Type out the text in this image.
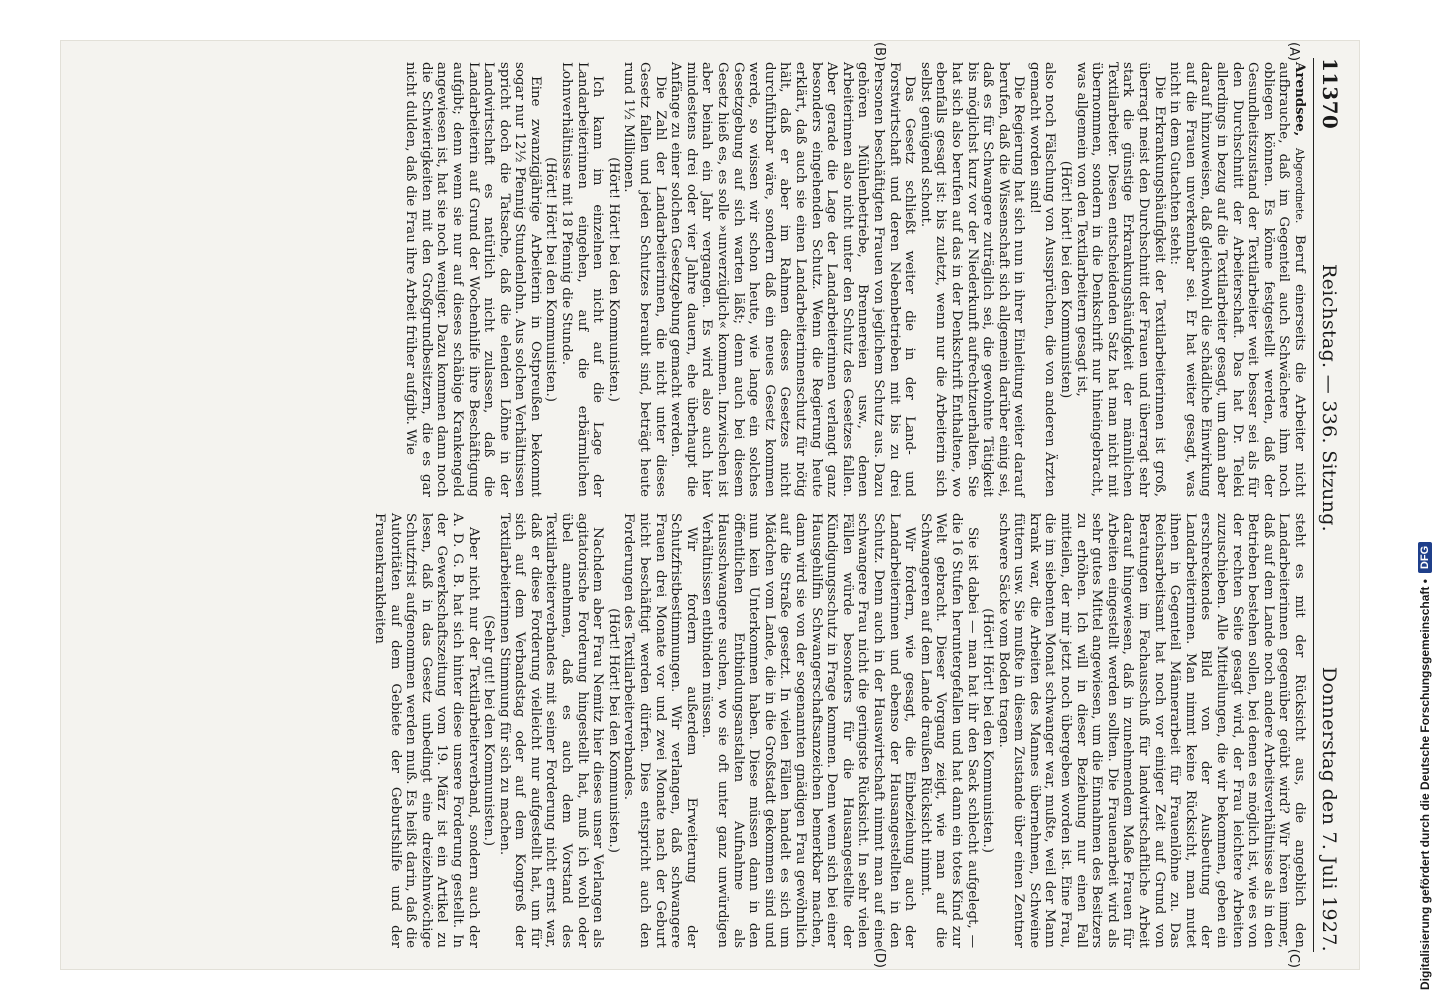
11370
Reichstag. — 336. Sitzung.
Donnerstag den 7. Juli 1927.
(A)
(B)

Arendsee, Abgeordnete. Beruf einerseits die Arbeiter nicht aufbrauche, daß im Gegenteil auch Schwächere ihm noch obliegen können. Es könne festgestellt werden, daß der Gesundheitszustand der Textilarbeiter weit besser sei als für den Durchschnitt der Arbeiterschaft. Das hat Dr. Teleki allerdings in bezug auf die Textilarbeiter gesagt, um dann aber darauf hinzuweisen, daß gleichwohl die schädliche Einwirkung auf die Frauen unverkennbar sei. Er hat weiter gesagt, was nicht in dem Gutachten steht:

Die Erkrankungshäufigkeit der Textilarbeiterinnen ist groß, überragt meist den Durchschnitt der Frauen und überragt sehr stark die günstige Erkrankungshäufigkeit der männlichen Textilarbeiter. Diesen entscheidenden Satz hat man nicht mit übernommen, sondern in die Denkschrift nur hineingebracht, was allgemein von den Textilarbeitern gesagt ist,

(Hört! hört! bei den Kommunisten)

also noch Fälschung von Aussprüchen, die von anderen Ärzten gemacht worden sind!

Die Regierung hat sich nun in ihrer Einleitung weiter darauf berufen, daß die Wissenschaft sich allgemein darüber einig sei, daß es für Schwangere zuträglich sei, die gewohnte Tätigkeit bis möglichst kurz vor der Niederkunft aufrechtzuerhalten. Sie hat sich also berufen auf das in der Denkschrift Enthaltene, wo ebenfalls gesagt ist: bis zuletzt, wenn nur die Arbeiterin sich selbst genügend schont.

Das Gesetz schließt weiter die in der Land- und Forstwirtschaft und deren Nebenbetrieben mit bis zu drei Personen beschäftigten Frauen von jeglichem Schutz aus. Dazu gehören Mühlenbetriebe, Brennereien usw., denen Arbeiterinnen also nicht unter den Schutz des Gesetzes fallen. Aber gerade die Lage der Landarbeiterinnen verlangt ganz besonders eingehenden Schutz. Wenn die Regierung heute erklärt, daß auch sie einen Landarbeiterinnenschutz für nötig hält, daß er aber im Rahmen dieses Gesetzes nicht durchführbar wäre, sondern daß ein neues Gesetz kommen werde, so wissen wir schon heute, wie lange ein solches Gesetzgebung auf sich warten läßt; denn auch bei diesem Gesetz hieß es, es solle »unverzüglich« kommen. Inzwischen ist aber beinah ein Jahr vergangen. Es wird also auch hier mindestens drei oder vier Jahre dauern, ehe überhaupt die Anfänge zu einer solchen Gesetzgebung gemacht werden.

Die Zahl der Landarbeiterinnen, die nicht unter dieses Gesetz fallen und jeden Schutzes beraubt sind, beträgt heute rund 1½ Millionen.

(Hört! Hört! bei den Kommunisten.)

Ich kann im einzelnen nicht auf die Lage der Landarbeiterinnen eingehen, auf die erbärmlichen Lohnverhältnisse mit 18 Pfennig die Stunde.

(Hört! Hört! bei den Kommunisten.)

Eine zwanzigjährige Arbeiterin in Ostpreußen bekommt sogar nur 12½ Pfennig Stundenlohn. Aus solchen Verhältnissen spricht doch die Tatsache, daß die elenden Löhne in der Landwirtschaft es natürlich nicht zulassen, daß die Landarbeiterin auf Grund der Wochenhilfe ihre Beschäftigung aufgibt; denn wenn sie nur auf dieses schäbige Krankengeld angewiesen ist, hat sie noch weniger. Dazu kommen dann noch die Schwierigkeiten mit den Großgrundbesitzern, die es gar nicht dulden, daß die Frau ihre Arbeit früher aufgibt. Wie

(C)
(D)

steht es mit der Rücksicht aus, die angeblich den Landarbeiterinnen gegenüber geübt wird? Wir hören immer, daß auf dem Lande noch andere Arbeitsverhältnisse als in den Betrieben bestehen sollen, bei denen es möglich ist, wie es von der rechten Seite gesagt wird, der Frau leichtere Arbeiten zuzuschieben. Alle Mitteilungen, die wir bekommen, geben ein erschreckendes Bild von der Ausbeutung der Landarbeiterinnen. Man nimmt keine Rücksicht, man mutet ihnen in Gegenteil Männerarbeit für Frauenlöhne zu. Das Reichsarbeitsamt hat noch vor einiger Zeit auf Grund von Beratungen im Fachausschuß für landwirtschaftliche Arbeit darauf hingewiesen, daß in zunehmendem Maße Frauen für Arbeiten eingestellt werden sollten. Die Frauenarbeit wird als sehr gutes Mittel angewiesen, um die Einnahmen des Besitzers zu erhöhen. Ich will in dieser Beziehung nur einen Fall mitteilen, der mir jetzt noch übergeben worden ist. Eine Frau, die im siebenten Monat schwanger war, mußte, weil der Mann krank war, die Arbeiten des Mannes übernehmen, Schweine füttern usw. Sie mußte in diesem Zustande über einen Zentner schwere Säcke vom Boden tragen.

(Hört! Hört! bei den Kommunisten.)

Sie ist dabei — man hat ihr den Sack schlecht aufgelegt, — die 16 Stufen heruntergefallen und hat dann ein totes Kind zur Welt gebracht. Dieser Vorgang zeigt, wie man auf die Schwangeren auf dem Lande draußen Rücksicht nimmt.

Wir fordern, wie gesagt, die Einbeziehung auch der Landarbeiterinnen und ebenso der Hausangestellten in den Schutz. Denn auch in der Hauswirtschaft nimmt man auf eine schwangere Frau nicht die geringste Rücksicht. In sehr vielen Fällen würde besonders für die Hausangestellte der Kündigungsschutz in Frage kommen. Denn wenn sich bei einer Hausgehilfin Schwangerschaftsanzeichen bemerkbar machen, dann wird sie von der sogenannten gnädigen Frau gewöhnlich auf die Straße gesetzt. In vielen Fällen handelt es sich um Mädchen vom Lande, die in die Großstadt gekommen sind und nun kein Unterkommen haben. Diese müssen dann in den öffentlichen Entbindungsanstalten Aufnahme als Hausschwangere suchen, wo sie oft unter ganz unwürdigen Verhältnissen entbinden müssen.

Wir fordern außerdem Erweiterung der Schutzfristbestimmungen. Wir verlangen, daß schwangere Frauen drei Monate vor und zwei Monate nach der Geburt nicht beschäftigt werden dürfen. Dies entspricht auch den Forderungen des Textilarbeiterverbandes.

(Hört! Hört! bei den Kommunisten.)

Nachdem aber Frau Nemitz hier dieses unser Verlangen als agitatorische Forderung hingestellt hat, muß ich wohl oder übel annehmen, daß es auch dem Vorstand des Textilarbeiterverbandes mit seiner Forderung nicht ernst war, daß er diese Forderung vielleicht nur aufgestellt hat, um für sich auf dem Verbandstag oder auf dem Kongreß der Textilarbeiterinnen Stimmung für sich zu machen.

(Sehr gut! bei den Kommunisten.)

Aber nicht nur der Textilarbeiterverband, sondern auch der A. D. G. B. hat sich hinter diese unsere Forderung gestellt. In der Gewerkschaftszeitung vom 19. März ist ein Artikel zu lesen, daß in das Gesetz unbedingt eine dreizehnwöchige Schutzfrist aufgenommen werden muß. Es heißt darin, daß die Autoritäten auf dem Gebiete der Geburtshilfe und der Frauenkrankheiten

Digitalisierung gefördert durch die Deutsche Forschungsgemeinschaft •
DFG
